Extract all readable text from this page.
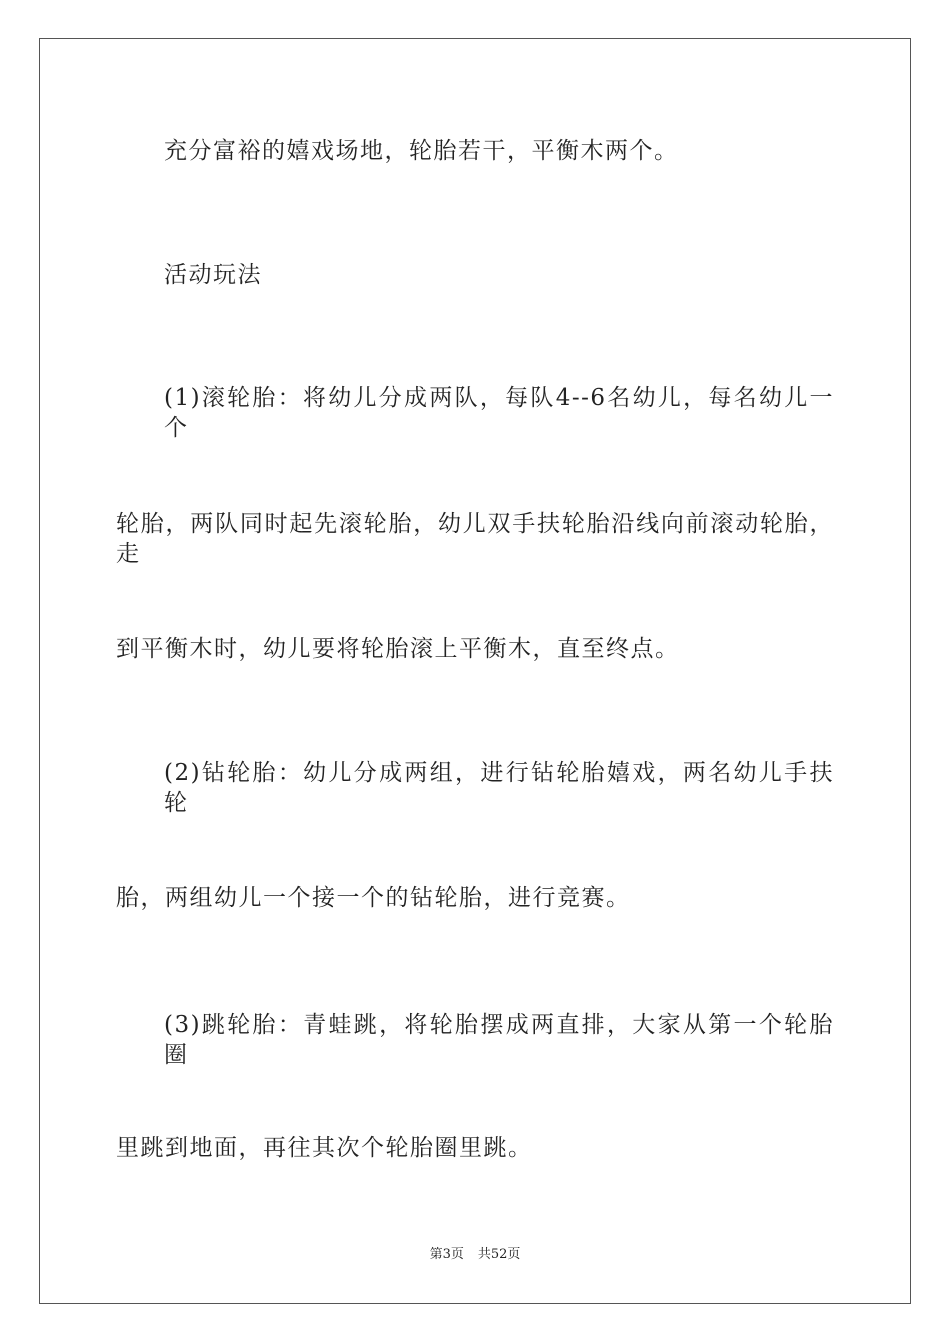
充分富裕的嬉戏场地，轮胎若干，平衡木两个。
活动玩法
(1)滚轮胎：将幼儿分成两队，每队4--6名幼儿，每名幼儿一个
轮胎，两队同时起先滚轮胎，幼儿双手扶轮胎沿线向前滚动轮胎，走
到平衡木时，幼儿要将轮胎滚上平衡木，直至终点。
(2)钻轮胎：幼儿分成两组，进行钻轮胎嬉戏，两名幼儿手扶轮
胎，两组幼儿一个接一个的钻轮胎，进行竞赛。
(3)跳轮胎：青蛙跳，将轮胎摆成两直排，大家从第一个轮胎圈
里跳到地面，再往其次个轮胎圈里跳。
第3页 共52页
